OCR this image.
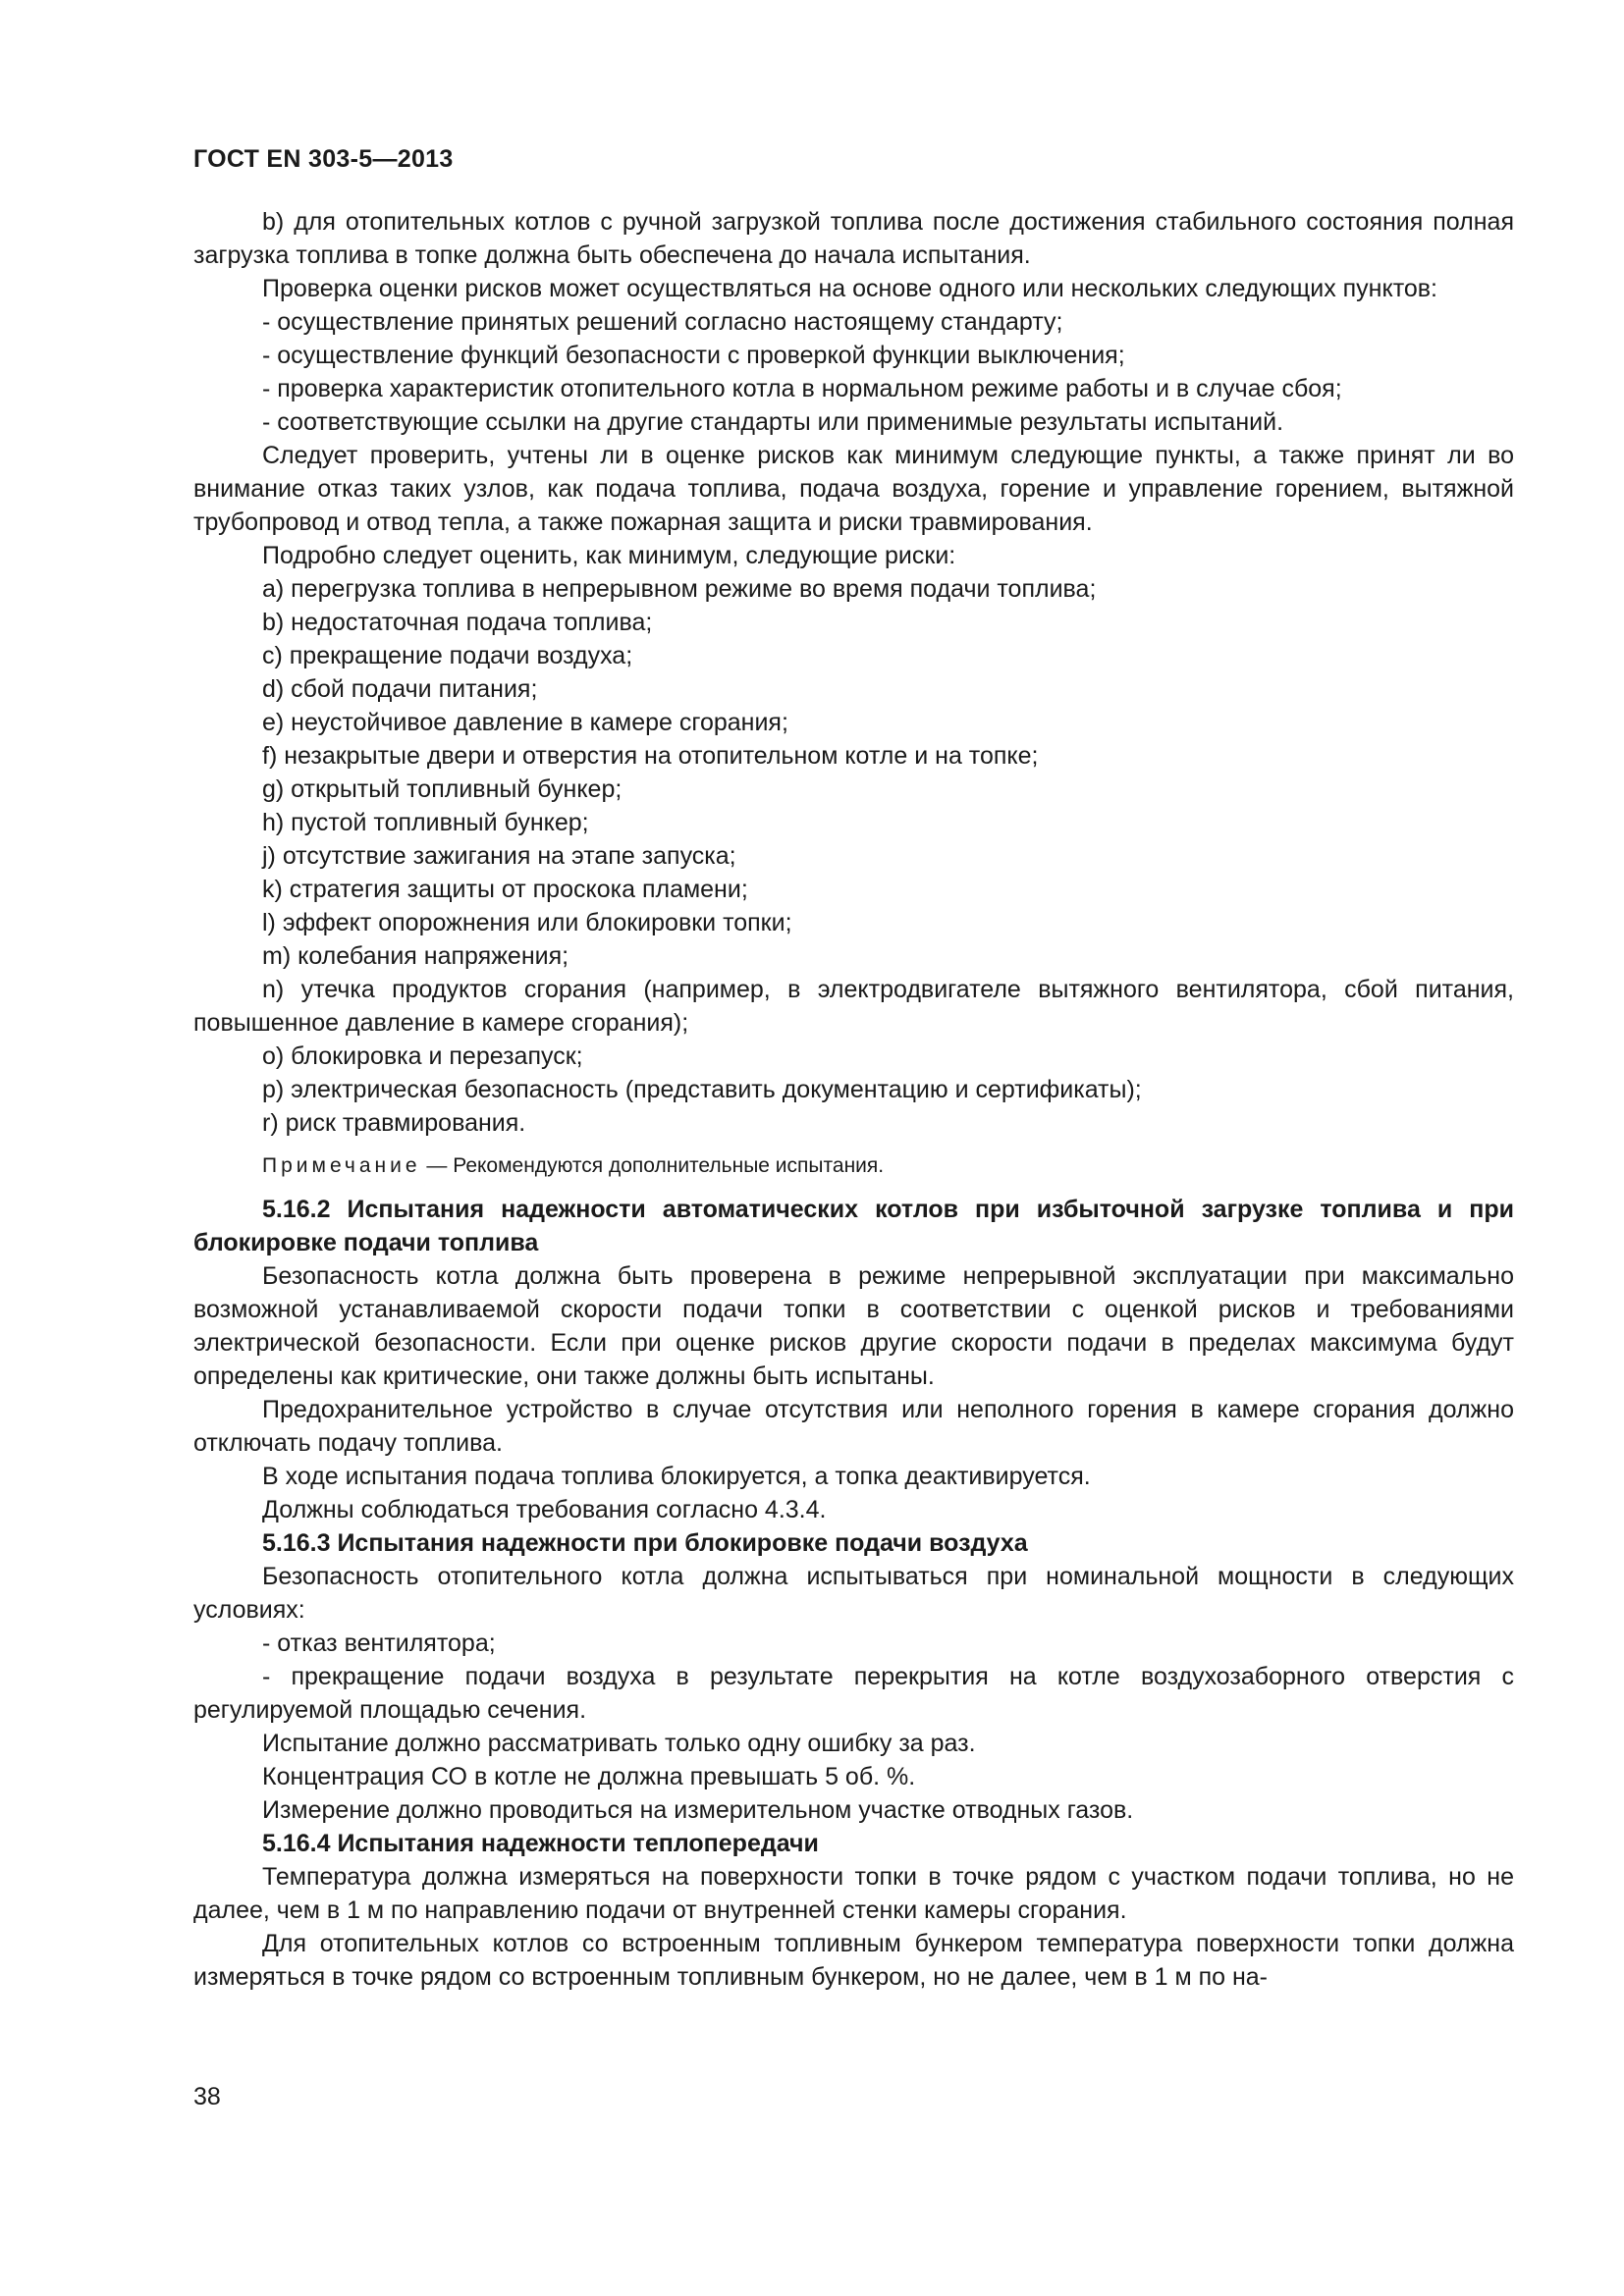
ГОСТ EN 303-5—2013

b) для отопительных котлов с ручной загрузкой топлива после достижения стабильного состояния полная загрузка топлива в топке должна быть обеспечена до начала испытания.

Проверка оценки рисков может осуществляться на основе одного или нескольких следующих пунктов:

- осуществление принятых решений согласно настоящему стандарту;

- осуществление функций безопасности с проверкой функции выключения;

- проверка характеристик отопительного котла в нормальном режиме работы и в случае сбоя;

- соответствующие ссылки на другие стандарты или применимые результаты испытаний.

Следует проверить, учтены ли в оценке рисков как минимум следующие пункты, а также принят ли во внимание отказ таких узлов, как подача топлива, подача воздуха, горение и управление горением, вытяжной трубопровод и отвод тепла, а также пожарная защита и риски травмирования.

Подробно следует оценить, как минимум, следующие риски:

a) перегрузка топлива в непрерывном режиме во время подачи топлива;

b) недостаточная подача топлива;

c) прекращение подачи воздуха;

d) сбой подачи питания;

e) неустойчивое давление в камере сгорания;

f) незакрытые двери и отверстия на отопительном котле и на топке;

g) открытый топливный бункер;

h) пустой топливный бункер;

j) отсутствие зажигания на этапе запуска;

k) стратегия защиты от проскока пламени;

l) эффект опорожнения или блокировки топки;

m) колебания напряжения;

n) утечка продуктов сгорания (например, в электродвигателе вытяжного вентилятора, сбой питания, повышенное давление в камере сгорания);

o) блокировка и перезапуск;

p) электрическая безопасность (представить документацию и сертификаты);

r) риск травмирования.

Примечание — Рекомендуются дополнительные испытания.

5.16.2 Испытания надежности автоматических котлов при избыточной загрузке топлива и при блокировке подачи топлива

Безопасность котла должна быть проверена в режиме непрерывной эксплуатации при максимально возможной устанавливаемой скорости подачи топки в соответствии с оценкой рисков и требованиями электрической безопасности. Если при оценке рисков другие скорости подачи в пределах максимума будут определены как критические, они также должны быть испытаны.

Предохранительное устройство в случае отсутствия или неполного горения в камере сгорания должно отключать подачу топлива.

В ходе испытания подача топлива блокируется, а топка деактивируется.

Должны соблюдаться требования согласно 4.3.4.

5.16.3 Испытания надежности при блокировке подачи воздуха

Безопасность отопительного котла должна испытываться при номинальной мощности в следующих условиях:

- отказ вентилятора;

- прекращение подачи воздуха в результате перекрытия на котле воздухозаборного отверстия с регулируемой площадью сечения.

Испытание должно рассматривать только одну ошибку за раз.

Концентрация СО в котле не должна превышать 5 об. %.

Измерение должно проводиться на измерительном участке отводных газов.

5.16.4 Испытания надежности теплопередачи

Температура должна измеряться на поверхности топки в точке рядом с участком подачи топлива, но не далее, чем в 1 м по направлению подачи от внутренней стенки камеры сгорания.

Для отопительных котлов со встроенным топливным бункером температура поверхности топки должна измеряться в точке рядом со встроенным топливным бункером, но не далее, чем в 1 м по на-

38
